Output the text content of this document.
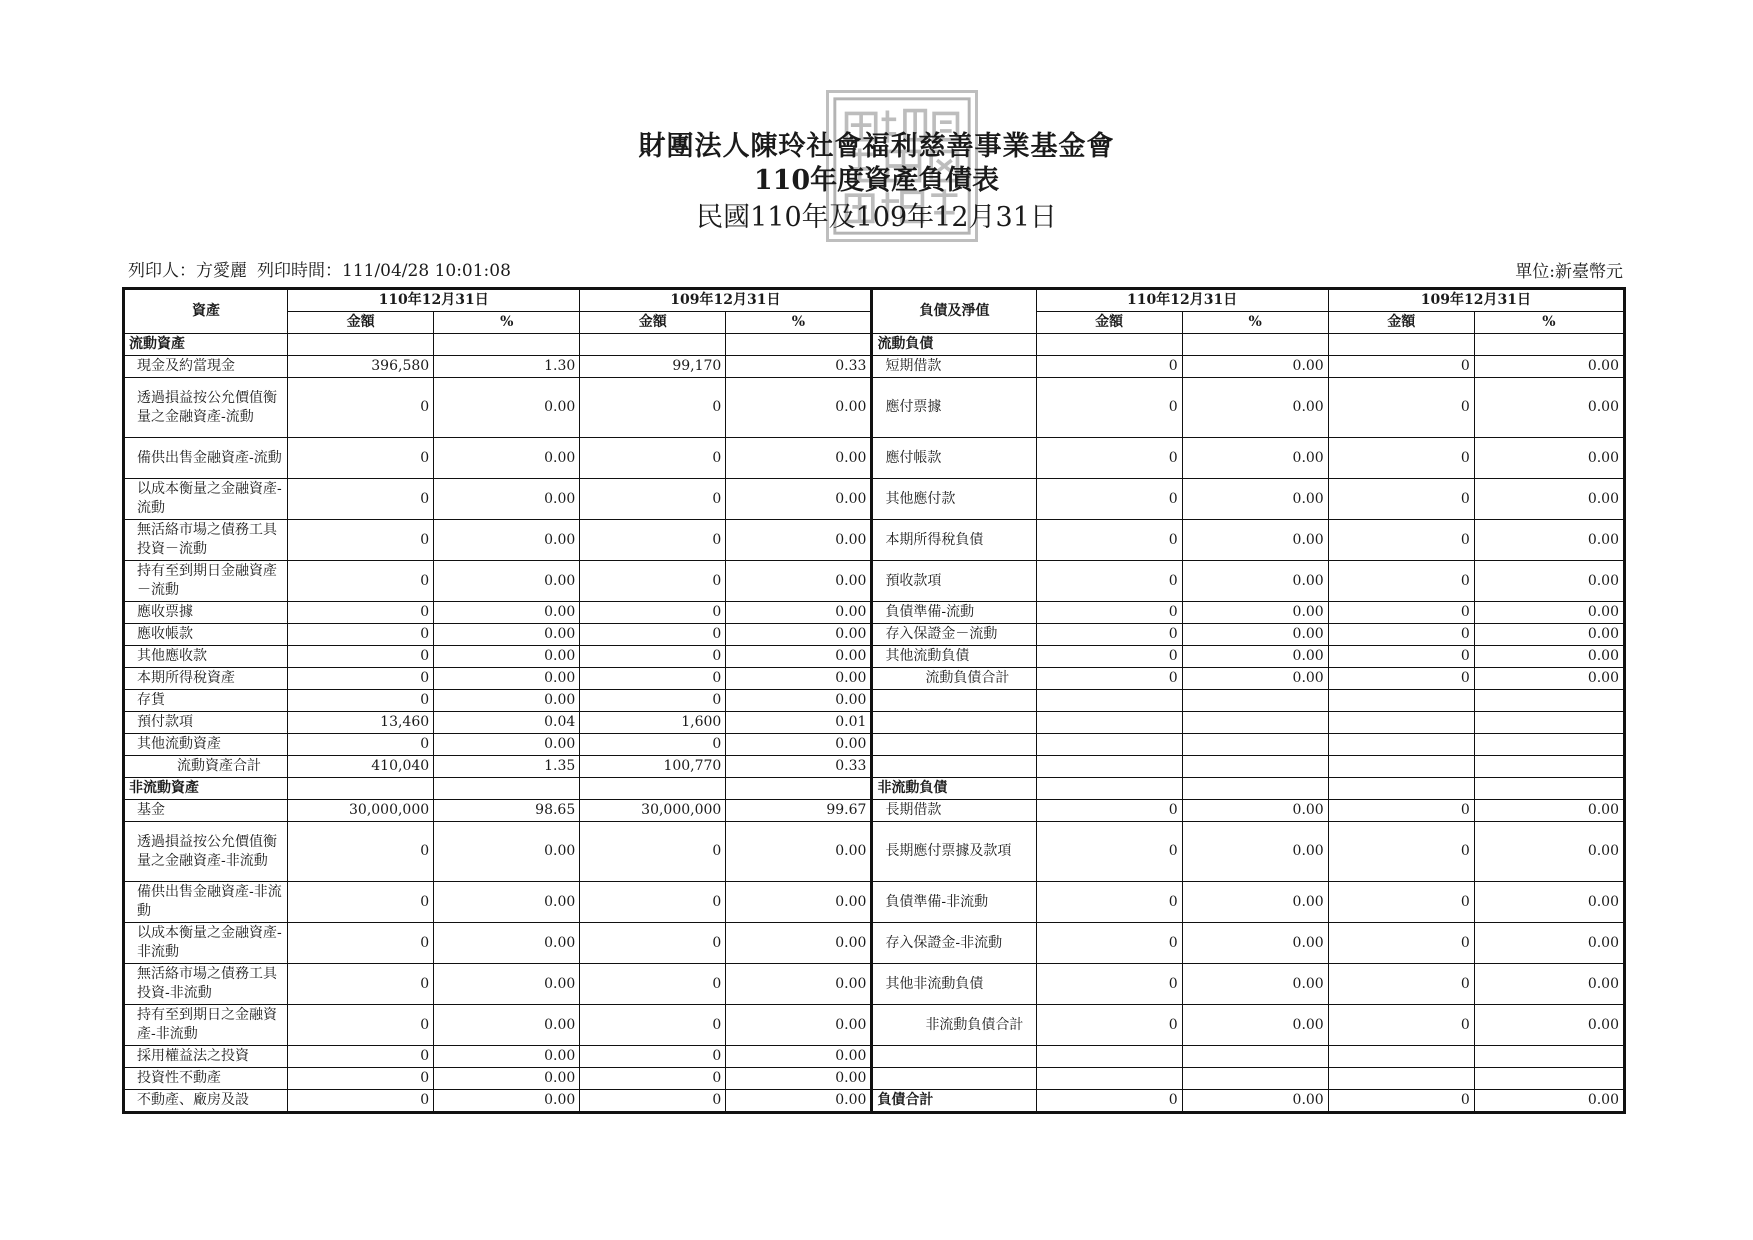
財團法人陳玲社會福利慈善事業基金會
110年度資產負債表
民國110年及109年12月31日
列印人：方愛麗 列印時間：111/04/28 10:01:08	單位:新臺幣元
資產	110年12月31日		109年12月31日		負債及淨值	110年12月31日		109年12月31日	
	金額	%	金額	%		金額	%	金額	%
流動資產					流動負債				
現金及約當現金	396,580	1.30	99,170	0.33	短期借款	0	0.00	0	0.00
透過損益按公允價值衡量之金融資產-流動	0	0.00	0	0.00	應付票據	0	0.00	0	0.00
備供出售金融資產-流動	0	0.00	0	0.00	應付帳款	0	0.00	0	0.00
以成本衡量之金融資產-流動	0	0.00	0	0.00	其他應付款	0	0.00	0	0.00
無活絡市場之債務工具投資－流動	0	0.00	0	0.00	本期所得稅負債	0	0.00	0	0.00
持有至到期日金融資產－流動	0	0.00	0	0.00	預收款項	0	0.00	0	0.00
應收票據	0	0.00	0	0.00	負債準備-流動	0	0.00	0	0.00
應收帳款	0	0.00	0	0.00	存入保證金－流動	0	0.00	0	0.00
其他應收款	0	0.00	0	0.00	其他流動負債	0	0.00	0	0.00
本期所得稅資產	0	0.00	0	0.00	流動負債合計	0	0.00	0	0.00
存貨	0	0.00	0	0.00					
預付款項	13,460	0.04	1,600	0.01					
其他流動資產	0	0.00	0	0.00					
流動資產合計	410,040	1.35	100,770	0.33					
非流動資產					非流動負債				
基金	30,000,000	98.65	30,000,000	99.67	長期借款	0	0.00	0	0.00
透過損益按公允價值衡量之金融資產-非流動	0	0.00	0	0.00	長期應付票據及款項	0	0.00	0	0.00
備供出售金融資產-非流動	0	0.00	0	0.00	負債準備-非流動	0	0.00	0	0.00
以成本衡量之金融資產-非流動	0	0.00	0	0.00	存入保證金-非流動	0	0.00	0	0.00
無活絡市場之債務工具投資-非流動	0	0.00	0	0.00	其他非流動負債	0	0.00	0	0.00
持有至到期日之金融資產-非流動	0	0.00	0	0.00	非流動負債合計	0	0.00	0	0.00
採用權益法之投資	0	0.00	0	0.00					
投資性不動產	0	0.00	0	0.00					
不動產、廠房及設	0	0.00	0	0.00	負債合計	0	0.00	0	0.00
